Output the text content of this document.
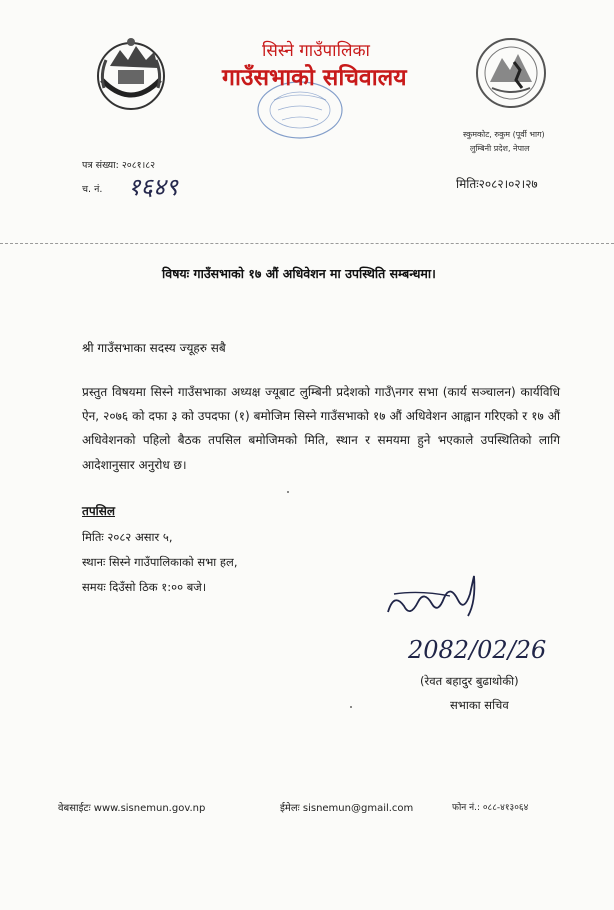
सिस्ने गाउँपालिका
गाउँसभाको सचिवालय
स्कुमकोट, रुकुम (पूर्वी भाग)
लुम्बिनी प्रदेश, नेपाल
पत्र संख्या: २०८१।८२
च. नं. १६४९	मितिः२०८२।०२।२७
विषयः गाउँसभाको १७ औं अधिवेशन मा उपस्थिति सम्बन्धमा।
श्री गाउँसभाका सदस्य ज्यूहरु सबै
प्रस्तुत विषयमा सिस्ने गाउँसभाका अध्यक्ष ज्यूबाट लुम्बिनी प्रदेशको गाउँ\नगर सभा (कार्य सञ्चालन) कार्यविधि ऐन, २०७६ को दफा ३ को उपदफा (१) बमोजिम सिस्ने गाउँसभाको १७ औं अधिवेशन आह्वान गरिएको र १७ औं अधिवेशनको पहिलो बैठक तपसिल बमोजिमको मिति, स्थान र समयमा हुने भएकाले उपस्थितिको लागि आदेशानुसार अनुरोध छ।
तपसिल
मितिः २०८२ असार ५,
स्थानः सिस्ने गाउँपालिकाको सभा हल,
समयः दिउँसो ठिक १:०० बजे।
2082/02/26
(रेवत बहादुर बुढाथोकी)
सभाका सचिव
वेबसाईटः www.sisnemun.gov.np	ईमेलः sisnemun@gmail.com	फोन नं.: ०८८-४१३०६४
